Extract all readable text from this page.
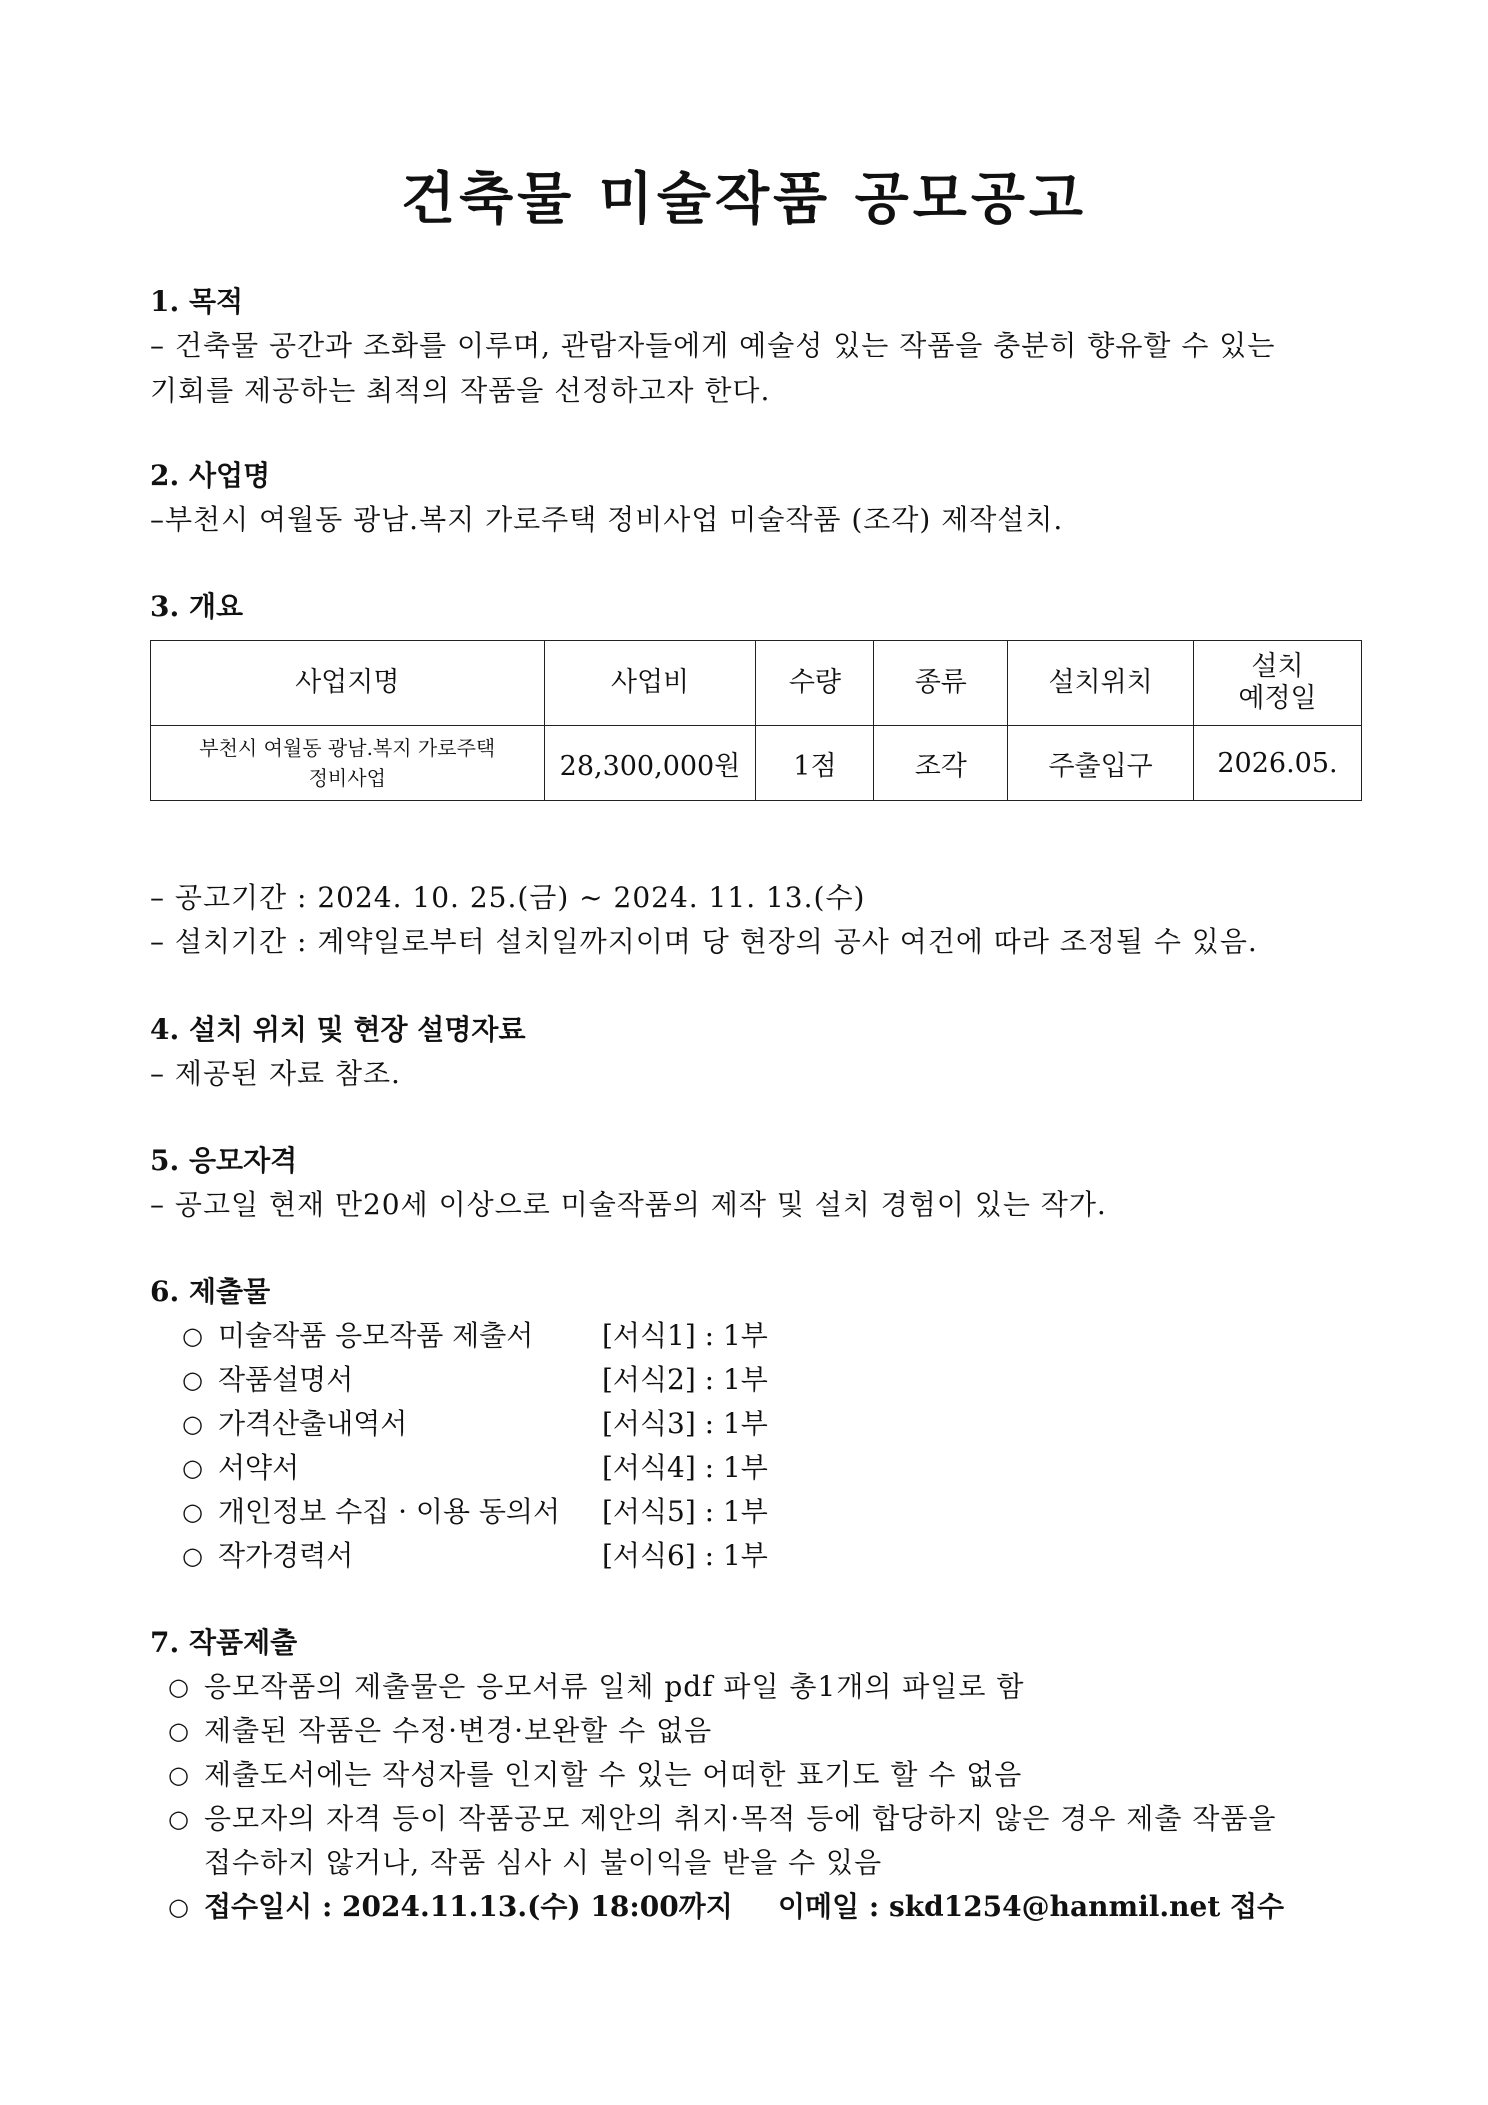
건축물 미술작품 공모공고
1. 목적
– 건축물 공간과 조화를 이루며, 관람자들에게 예술성 있는 작품을 충분히 향유할 수 있는
기회를 제공하는 최적의 작품을 선정하고자 한다.
2. 사업명
–부천시 여월동 광남.복지 가로주택 정비사업 미술작품 (조각) 제작설치.
3. 개요
사업지명	사업비	수량	종류	설치위치	설치
예정일

부천시 여월동 광남.복지 가로주택
정비사업	28,300,000원	1점	조각	주출입구	2026.05.
– 공고기간 : 2024. 10. 25.(금) ~ 2024. 11. 13.(수)
– 설치기간 : 계약일로부터 설치일까지이며 당 현장의 공사 여건에 따라 조정될 수 있음.
4. 설치 위치 및 현장 설명자료
– 제공된 자료 참조.
5. 응모자격
– 공고일 현재 만20세 이상으로 미술작품의 제작 및 설치 경험이 있는 작가.
6. 제출물
○ 미술작품 응모작품 제출서 [서식1] : 1부
○ 작품설명서	[서식2] : 1부
○ 가격산출내역서	[서식3] : 1부
○ 서약서	[서식4] : 1부
○ 개인정보 수집 · 이용 동의서 [서식5] : 1부
○ 작가경력서	[서식6] : 1부
7. 작품제출
○ 응모작품의 제출물은 응모서류 일체 pdf 파일 총1개의 파일로 함
○ 제출된 작품은 수정·변경·보완할 수 없음
○ 제출도서에는 작성자를 인지할 수 있는 어떠한 표기도 할 수 없음
○ 응모자의 자격 등이 작품공모 제안의 취지·목적 등에 합당하지 않은 경우 제출 작품을
접수하지 않거나, 작품 심사 시 불이익을 받을 수 있음
○ 접수일시 : 2024.11.13.(수) 18:00까지 이메일 : skd1254@hanmil.net 접수
